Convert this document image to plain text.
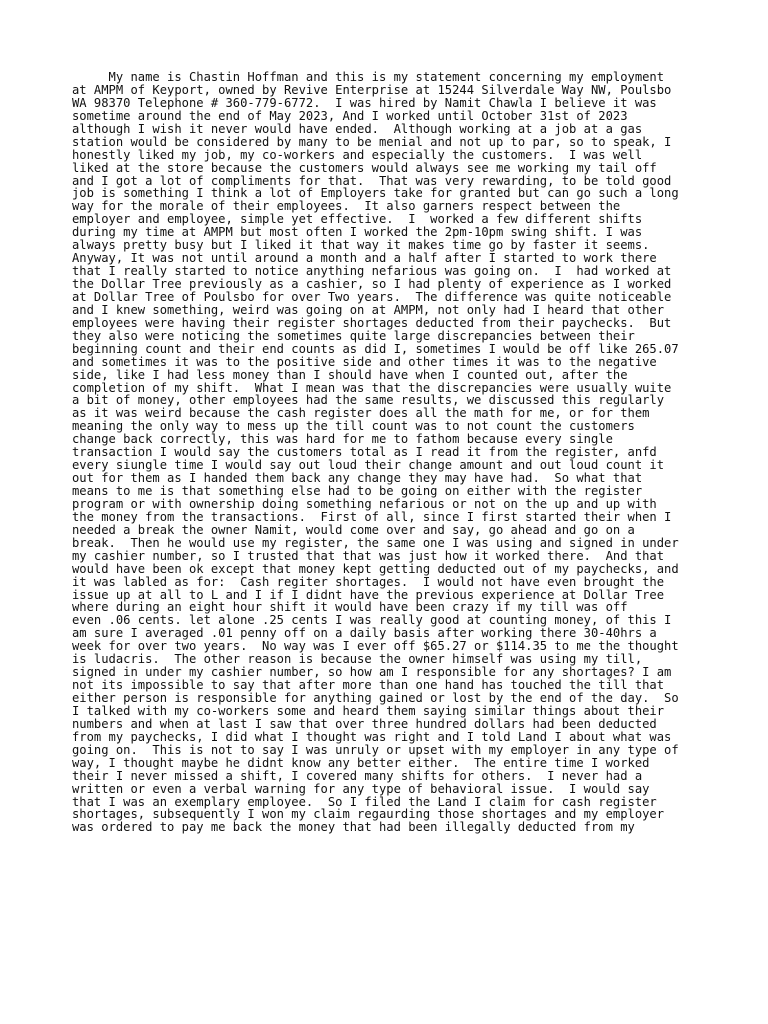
My name is Chastin Hoffman and this is my statement concerning my employment
at AMPM of Keyport, owned by Revive Enterprise at 15244 Silverdale Way NW, Poulsbo
WA 98370 Telephone # 360-779-6772.  I was hired by Namit Chawla I believe it was
sometime around the end of May 2023, And I worked until October 31st of 2023
although I wish it never would have ended.  Although working at a job at a gas
station would be considered by many to be menial and not up to par, so to speak, I
honestly liked my job, my co-workers and especially the customers.  I was well
liked at the store because the customers would always see me working my tail off
and I got a lot of compliments for that.  That was very rewarding, to be told good
job is something I think a lot of Employers take for granted but can go such a long
way for the morale of their employees.  It also garners respect between the
employer and employee, simple yet effective.  I  worked a few different shifts
during my time at AMPM but most often I worked the 2pm-10pm swing shift. I was
always pretty busy but I liked it that way it makes time go by faster it seems.
Anyway, It was not until around a month and a half after I started to work there
that I really started to notice anything nefarious was going on.  I  had worked at
the Dollar Tree previously as a cashier, so I had plenty of experience as I worked
at Dollar Tree of Poulsbo for over Two years.  The difference was quite noticeable
and I knew something, weird was going on at AMPM, not only had I heard that other
employees were having their register shortages deducted from their paychecks.  But
they also were noticing the sometimes quite large discrepancies between their
beginning count and their end counts as did I, sometimes I would be off like 265.07
and sometimes it was to the positive side and other times it was to the negative
side, like I had less money than I should have when I counted out, after the
completion of my shift.  What I mean was that the discrepancies were usually wuite
a bit of money, other employees had the same results, we discussed this regularly
as it was weird because the cash register does all the math for me, or for them
meaning the only way to mess up the till count was to not count the customers
change back correctly, this was hard for me to fathom because every single
transaction I would say the customers total as I read it from the register, anfd
every siungle time I would say out loud their change amount and out loud count it
out for them as I handed them back any change they may have had.  So what that
means to me is that something else had to be going on either with the register
program or with ownership doing something nefarious or not on the up and up with
the money from the transactions.  First of all, since I first started their when I
needed a break the owner Namit, would come over and say, go ahead and go on a
break.  Then he would use my register, the same one I was using and signed in under
my cashier number, so I trusted that that was just how it worked there.  And that
would have been ok except that money kept getting deducted out of my paychecks, and
it was labled as for:  Cash regiter shortages.  I would not have even brought the
issue up at all to L and I if I didnt have the previous experience at Dollar Tree
where during an eight hour shift it would have been crazy if my till was off
even .06 cents. let alone .25 cents I was really good at counting money, of this I
am sure I averaged .01 penny off on a daily basis after working there 30-40hrs a
week for over two years.  No way was I ever off $65.27 or $114.35 to me the thought
is ludacris.  The other reason is because the owner himself was using my till,
signed in under my cashier number, so how am I responsible for any shortages? I am
not its impossible to say that after more than one hand has touched the till that
either person is responsible for anything gained or lost by the end of the day.  So
I talked with my co-workers some and heard them saying similar things about their
numbers and when at last I saw that over three hundred dollars had been deducted
from my paychecks, I did what I thought was right and I told Land I about what was
going on.  This is not to say I was unruly or upset with my employer in any type of
way, I thought maybe he didnt know any better either.  The entire time I worked
their I never missed a shift, I covered many shifts for others.  I never had a
written or even a verbal warning for any type of behavioral issue.  I would say
that I was an exemplary employee.  So I filed the Land I claim for cash register
shortages, subsequently I won my claim regaurding those shortages and my employer
was ordered to pay me back the money that had been illegally deducted from my
